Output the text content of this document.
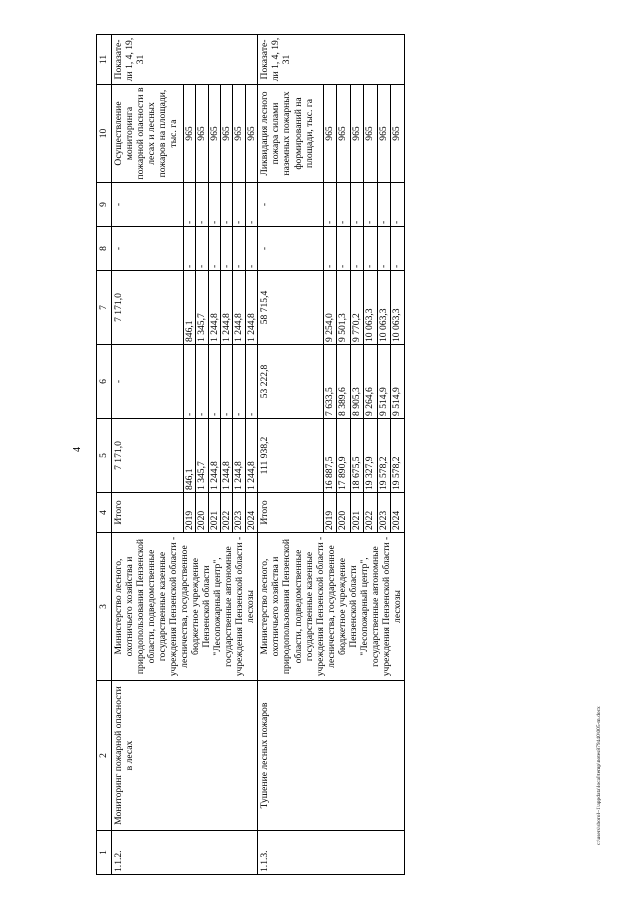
4
1	2	3	4	5	6	7	8	9	10	11
1.1.2.	Мониторинг пожарной опасности в лесах	Министерство лесного, охотничьего хозяйства и природопользования Пензенской области, подведомственные государственные казенные учреждения Пензенской области - лесничества, государственное бюджетное учреждение Пензенской области "Лесопожарный центр", государственные автономные учреждения Пензенской области - лесхозы	Итого	7 171,0	-	7 171,0	-	-	Осуществление мониторинга пожарной опасности в лесах и лесных пожаров на площади, тыс. га	Показате-ли 1, 4, 19, 31
			2019	846,1	-	846,1	-	-	965	
			2020	1 345,7	-	1 345,7	-	-	965	
			2021	1 244,8	-	1 244,8	-	-	965	
			2022	1 244,8	-	1 244,8	-	-	965	
			2023	1 244,8	-	1 244,8	-	-	965	
			2024	1 244,8	-	1 244,8	-	-	965	
1.1.3.	Тушение лесных пожаров	Министерство лесного, охотничьего хозяйства и природопользования Пензенской области, подведомственные государственные казенные учреждения Пензенской области - лесничества, государственное бюджетное учреждение Пензенской области "Лесопожарный центр", государственные автономные учреждения Пензенской области - лесхозы	Итого	111 938,2	53 222,8	58 715,4	-	-	Ликвидация лесного пожара силами наземных пожарных формирований на площади, тыс. га	Показате-ли 1, 4, 19, 31
			2019	16 887,5	7 633,5	9 254,0	-	-	965	
			2020	17 890,9	8 389,6	9 501,3	-	-	965	
			2021	18 675,5	8 905,3	9 770,2	-	-	965	
			2022	19 327,9	9 264,6	10 063,3	-	-	965	
			2023	19 578,2	9 514,9	10 063,3	-	-	965	
			2024	19 578,2	9 514,9	10 063,3	-	-	965	
c:\users\sborol~1\appdata\local\temp\notes879440\005-m.docx
